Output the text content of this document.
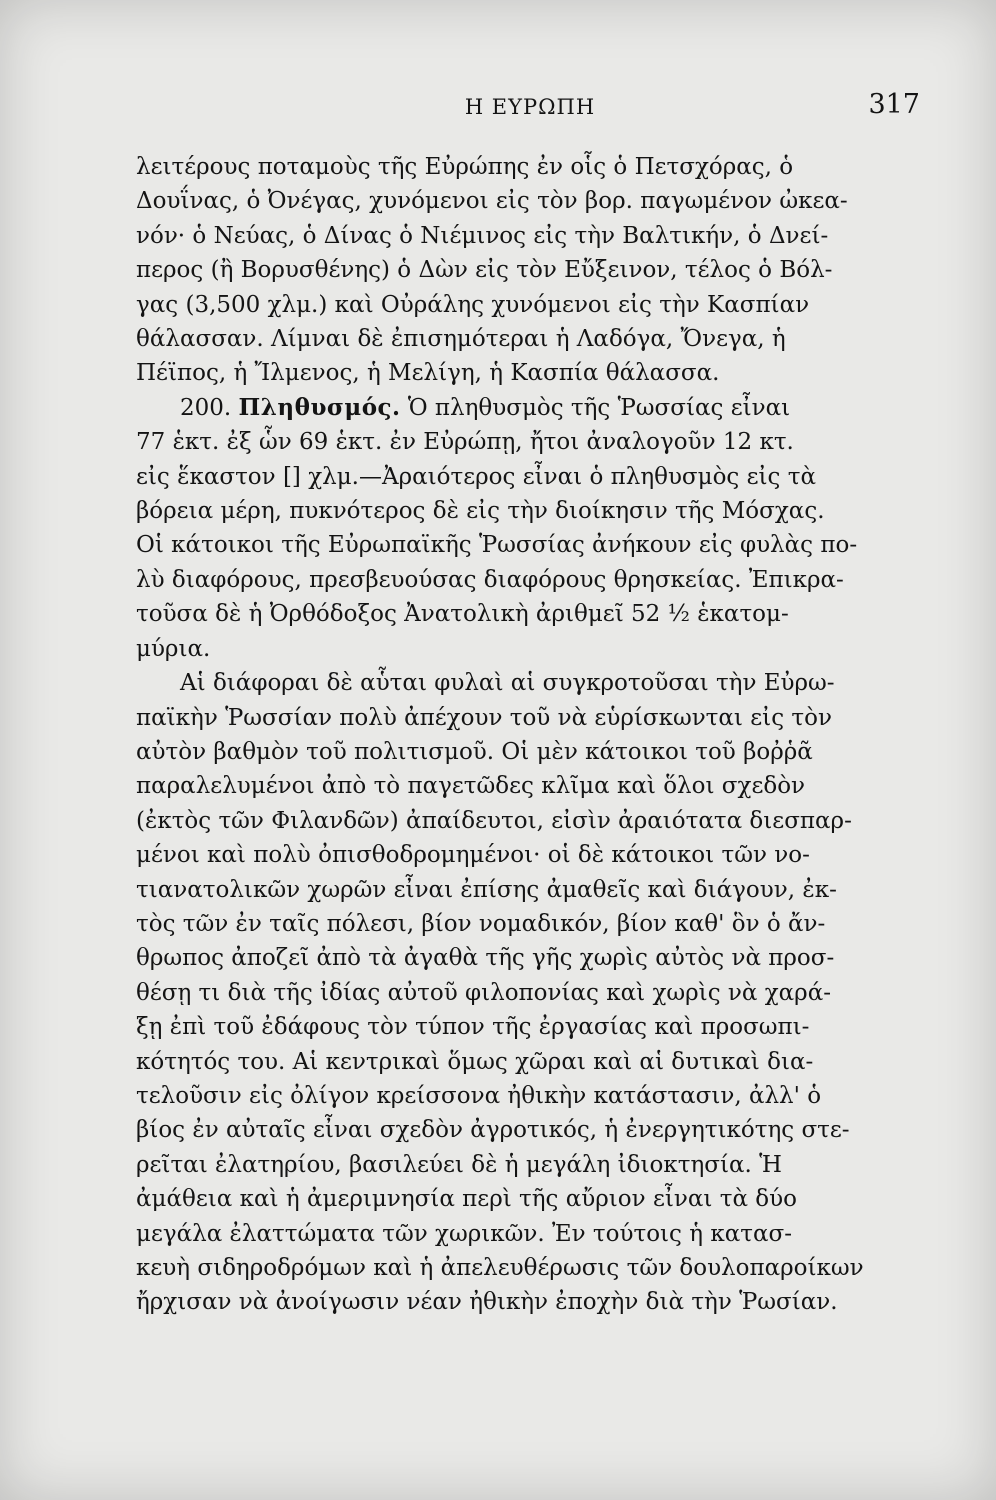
Η ΕΥΡΩΠΗ	317

λειτέρους ποταμοὺς τῆς Εὐρώπης ἐν οἷς ὁ Πετσχόρας, ὁ
Δουΐνας, ὁ Ὀνέγας, χυνόμενοι εἰς τὸν βορ. παγωμένον ὠκεα-
νόν· ὁ Νεύας, ὁ Δίνας ὁ Νιέμινος εἰς τὴν Βαλτικήν, ὁ Δνεί-
περος (ἢ Βορυσθένης) ὁ Δὼν εἰς τὸν Εὔξεινον, τέλος ὁ Βόλ-
γας (3,500 χλμ.) καὶ Οὐράλης χυνόμενοι εἰς τὴν Κασπίαν
θάλασσαν. Λίμναι δὲ ἐπισημότεραι ἡ Λαδόγα, Ὄνεγα, ἡ
Πέϊπος, ἡ Ἴλμενος, ἡ Μελίγη, ἡ Κασπία θάλασσα.

200. Πληθυσμός. Ὁ πληθυσμὸς τῆς Ῥωσσίας εἶναι
77 ἑκτ. ἐξ ὧν 69 ἑκτ. ἐν Εὐρώπῃ, ἤτοι ἀναλογοῦν 12 κτ.
εἰς ἕκαστον [] χλμ.—Ἀραιότερος εἶναι ὁ πληθυσμὸς εἰς τὰ
βόρεια μέρη, πυκνότερος δὲ εἰς τὴν διοίκησιν τῆς Μόσχας.
Οἱ κάτοικοι τῆς Εὐρωπαϊκῆς Ῥωσσίας ἀνήκουν εἰς φυλὰς πο-
λὺ διαφόρους, πρεσβευούσας διαφόρους θρησκείας. Ἐπικρα-
τοῦσα δὲ ἡ Ὀρθόδοξος Ἀνατολικὴ ἀριθμεῖ 52 ½ ἑκατομ-
μύρια.

Αἱ διάφοραι δὲ αὗται φυλαὶ αἱ συγκροτοῦσαι τὴν Εὐρω-
παϊκὴν Ῥωσσίαν πολὺ ἀπέχουν τοῦ νὰ εὑρίσκωνται εἰς τὸν
αὐτὸν βαθμὸν τοῦ πολιτισμοῦ. Οἱ μὲν κάτοικοι τοῦ βοῤῥᾶ
παραλελυμένοι ἀπὸ τὸ παγετῶδες κλῖμα καὶ ὅλοι σχεδὸν
(ἐκτὸς τῶν Φιλανδῶν) ἀπαίδευτοι, εἰσὶν ἀραιότατα διεσπαρ-
μένοι καὶ πολὺ ὀπισθοδρομημένοι· οἱ δὲ κάτοικοι τῶν νο-
τιανατολικῶν χωρῶν εἶναι ἐπίσης ἀμαθεῖς καὶ διάγουν, ἐκ-
τὸς τῶν ἐν ταῖς πόλεσι, βίον νομαδικόν, βίον καθ' ὃν ὁ ἄν-
θρωπος ἀποζεῖ ἀπὸ τὰ ἀγαθὰ τῆς γῆς χωρὶς αὐτὸς νὰ προσ-
θέσῃ τι διὰ τῆς ἰδίας αὐτοῦ φιλοπονίας καὶ χωρὶς νὰ χαρά-
ξῃ ἐπὶ τοῦ ἐδάφους τὸν τύπον τῆς ἐργασίας καὶ προσωπι-
κότητός του. Αἱ κεντρικαὶ ὅμως χῶραι καὶ αἱ δυτικαὶ δια-
τελοῦσιν εἰς ὀλίγον κρείσσονα ἠθικὴν κατάστασιν, ἀλλ' ὁ
βίος ἐν αὐταῖς εἶναι σχεδὸν ἀγροτικός, ἡ ἐνεργητικότης στε-
ρεῖται ἐλατηρίου, βασιλεύει δὲ ἡ μεγάλη ἰδιοκτησία. Ἡ
ἀμάθεια καὶ ἡ ἀμεριμνησία περὶ τῆς αὔριον εἶναι τὰ δύο
μεγάλα ἐλαττώματα τῶν χωρικῶν. Ἐν τούτοις ἡ κατασ-
κευὴ σιδηροδρόμων καὶ ἡ ἀπελευθέρωσις τῶν δουλοπαροίκων
ἤρχισαν νὰ ἀνοίγωσιν νέαν ἠθικὴν ἐποχὴν διὰ τὴν Ῥωσίαν.
